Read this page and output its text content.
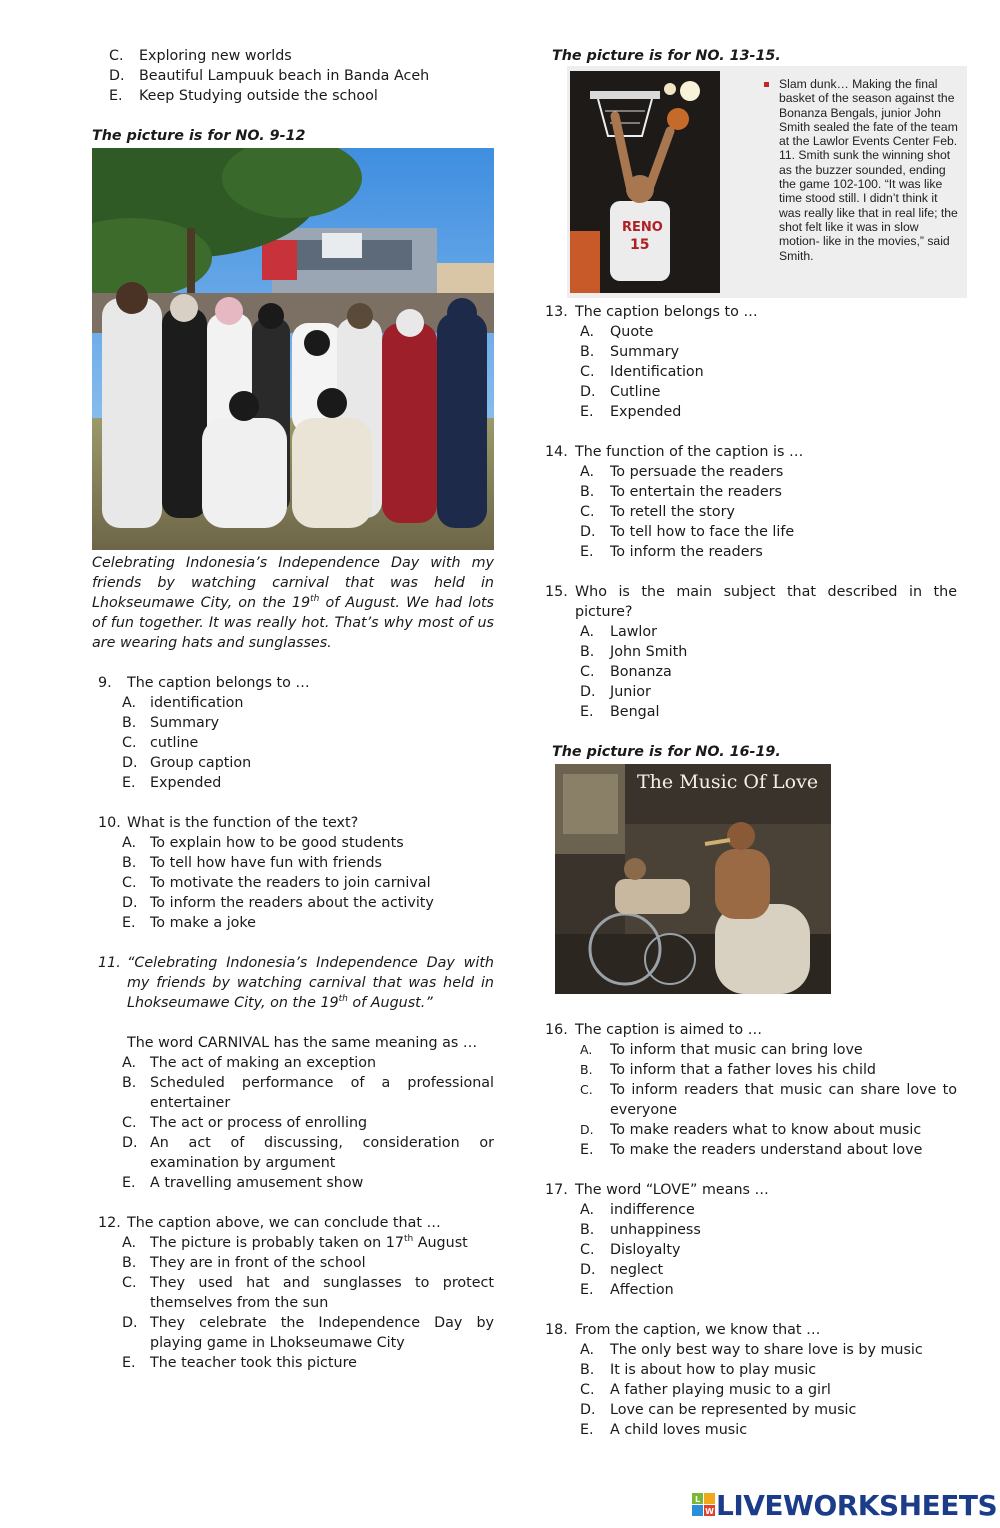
C. Exploring new worlds
D. Beautiful Lampuuk beach in Banda Aceh
E. Keep Studying outside the school

The picture is for NO. 9-12

Celebrating Indonesia’s Independence Day with my friends by watching carnival that was held in Lhokseumawe City, on the 19th of August. We had lots of fun together. It was really hot. That’s why most of us are wearing hats and sunglasses.

9. The caption belongs to …
A. identification
B. Summary
C. cutline
D. Group caption
E. Expended
10. What is the function of the text?
A. To explain how to be good students
B. To tell how have fun with friends
C. To motivate the readers to join carnival
D. To inform the readers about the activity
E. To make a joke
11. “Celebrating Indonesia’s Independence Day with my friends by watching carnival that was held in Lhokseumawe City, on the 19th of August.”
The word CARNIVAL has the same meaning as …
A. The act of making an exception
B. Scheduled performance of a professional entertainer
C. The act or process of enrolling
D. An act of discussing, consideration or examination by argument
E. A travelling amusement show
12. The caption above, we can conclude that …
A. The picture is probably taken on 17th August
B. They are in front of the school
C. They used hat and sunglasses to protect themselves from the sun
D. They celebrate the Independence Day by playing game in Lhokseumawe City
E. The teacher took this picture

The picture is for NO. 13-15.

RENO
15
Slam dunk… Making the final basket of the season against the Bonanza Bengals, junior John Smith sealed the fate of the team at the Lawlor Events Center Feb. 11. Smith sunk the winning shot as the buzzer sounded, ending the game 102-100. “It was like time stood still. I didn’t think it was really like that in real life; the shot felt like it was in slow motion- like in the movies,” said Smith.
13. The caption belongs to …
A. Quote
B. Summary
C. Identification
D. Cutline
E. Expended
14. The function of the caption is …
A. To persuade the readers
B. To entertain the readers
C. To retell the story
D. To tell how to face the life
E. To inform the readers
15. Who is the main subject that described in the picture?
A. Lawlor
B. John Smith
C. Bonanza
D. Junior
E. Bengal

The picture is for NO. 16-19.

The Music Of Love
16. The caption is aimed to …
A. To inform that music can bring love
B. To inform that a father loves his child
C. To inform readers that music can share love to everyone
D. To make readers what to know about music
E. To make the readers understand about love
17. The word “LOVE” means …
A. indifference
B. unhappiness
C. Disloyalty
D. neglect
E. Affection
18. From the caption, we know that …
A. The only best way to share love is by music
B. It is about how to play music
C. A father playing music to a girl
D. Love can be represented by music
E. A child loves music
L
W LIVEWORKSHEETS
